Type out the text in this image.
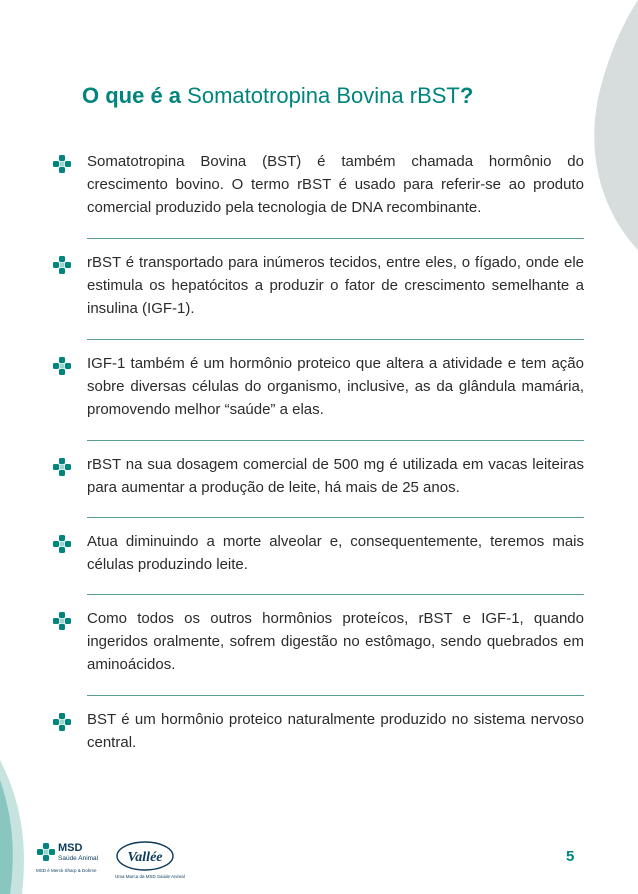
O que é a Somatotropina Bovina rBST?
Somatotropina Bovina (BST) é também chamada hormônio do crescimento bovino. O termo rBST é usado para referir-se ao produto comercial produzido pela tecnologia de DNA recombinante.
rBST é transportado para inúmeros tecidos, entre eles, o fígado, onde ele estimula os hepatócitos a produzir o fator de crescimento semelhante a insulina (IGF-1).
IGF-1 também é um hormônio proteico que altera a atividade e tem ação sobre diversas células do organismo, inclusive, as da glândula mamária, promovendo melhor “saúde” a elas.
rBST na sua dosagem comercial de 500 mg é utilizada em vacas leiteiras para aumentar a produção de leite, há mais de 25 anos.
Atua diminuindo a morte alveolar e, consequentemente, teremos mais células produzindo leite.
Como todos os outros hormônios proteícos, rBST e IGF-1, quando ingeridos oralmente, sofrem digestão no estômago, sendo quebrados em aminoácidos.
BST é um hormônio proteico naturalmente produzido no sistema nervoso central.
MSD
Saúde Animal
MSD é Merck Sharp & Dohme
Vallée
Uma Marca da MSD Saúde Animal
5
